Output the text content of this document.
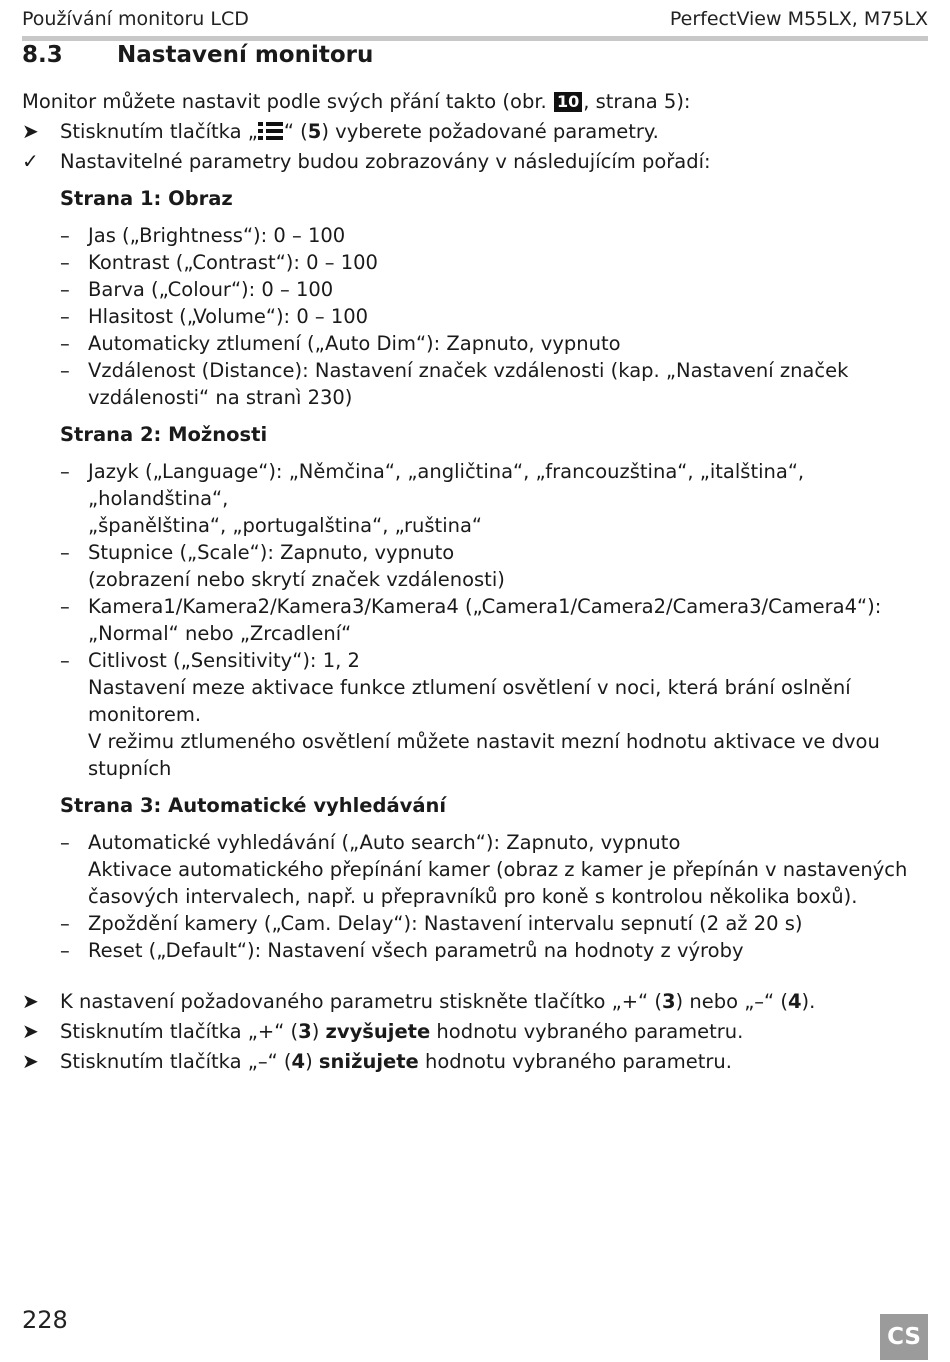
Používání monitoru LCD	PerfectView M55LX, M75LX
8.3 Nastavení monitoru

Monitor můžete nastavit podle svých přání takto (obr. 10 , strana 5):

➤	Stisknutím tlačítka „ “ (5) vyberete požadované parametry.

✓	Nastavitelné parametry budou zobrazovány v následujícím pořadí:

Strana 1: Obraz
– Jas („Brightness“): 0 – 100
– Kontrast („Contrast“): 0 – 100
– Barva („Colour“): 0 – 100
– Hlasitost („Volume“): 0 – 100
– Automaticky ztlumení („Auto Dim“): Zapnuto, vypnuto
– Vzdálenost (Distance): Nastavení značek vzdálenosti (kap. „Nastavení značek vzdálenosti“ na stranì 230)
Strana 2: Možnosti
– Jazyk („Language“): „Němčina“, „angličtina“, „francouzština“, „italština“, „holandština“,
„španělština“, „portugalština“, „ruština“
– Stupnice („Scale“): Zapnuto, vypnuto
(zobrazení nebo skrytí značek vzdálenosti)
– Kamera1/Kamera2/Kamera3/Kamera4 („Camera1/Camera2/Camera3/Camera4“):
„Normal“ nebo „Zrcadlení“
– Citlivost („Sensitivity“): 1, 2
Nastavení meze aktivace funkce ztlumení osvětlení v noci, která brání oslnění monitorem.
V režimu ztlumeného osvětlení můžete nastavit mezní hodnotu aktivace ve dvou stupních
Strana 3: Automatické vyhledávání
– Automatické vyhledávání („Auto search“): Zapnuto, vypnuto
Aktivace automatického přepínání kamer (obraz z kamer je přepínán v nastavených
časových intervalech, např. u přepravníků pro koně s kontrolou několika boxů).
– Zpoždění kamery („Cam. Delay“): Nastavení intervalu sepnutí (2 až 20 s)
– Reset („Default“): Nastavení všech parametrů na hodnoty z výroby

➤	K nastavení požadovaného parametru stiskněte tlačítko „+“ (3) nebo „–“ (4).

➤	Stisknutím tlačítka „+“ (3) zvyšujete hodnotu vybraného parametru.

➤	Stisknutím tlačítka „–“ (4) snižujete hodnotu vybraného parametru.

228
CS
